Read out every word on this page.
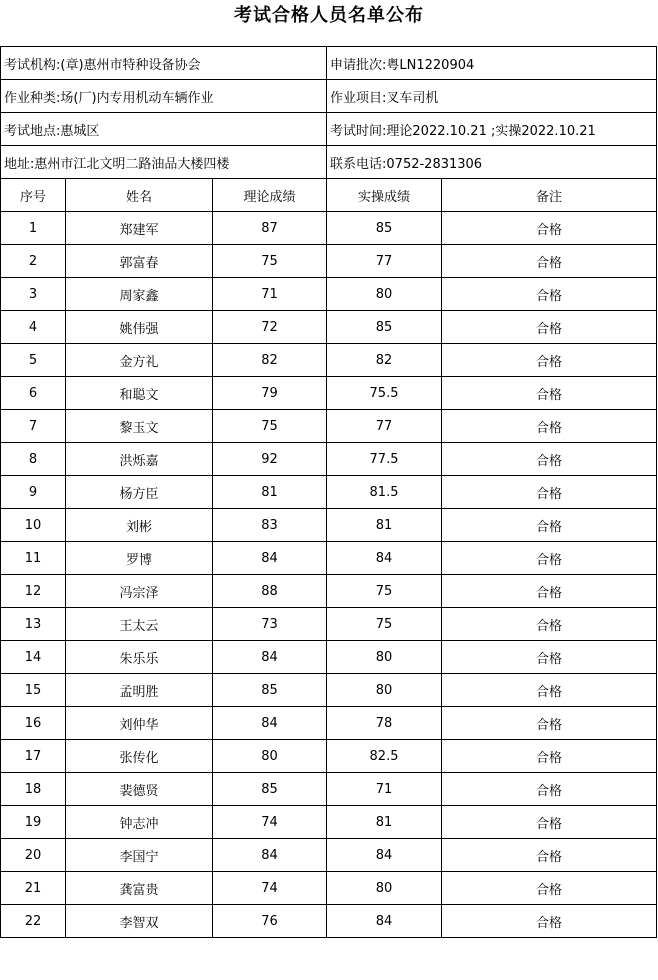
考试合格人员名单公布
考试机构:(章)惠州市特种设备协会			申请批次:粤LN1220904	
作业种类:场(厂)内专用机动车辆作业			作业项目:叉车司机	
考试地点:惠城区			考试时间:理论2022.10.21 ;实操2022.10.21	
地址:惠州市江北文明二路油品大楼四楼			联系电话:0752-2831306	
序号	姓名	理论成绩	实操成绩	备注
1	郑建军	87	85	合格
2	郭富春	75	77	合格
3	周家鑫	71	80	合格
4	姚伟强	72	85	合格
5	金方礼	82	82	合格
6	和聪文	79	75.5	合格
7	黎玉文	75	77	合格
8	洪烁嘉	92	77.5	合格
9	杨方臣	81	81.5	合格
10	刘彬	83	81	合格
11	罗博	84	84	合格
12	冯宗泽	88	75	合格
13	王太云	73	75	合格
14	朱乐乐	84	80	合格
15	孟明胜	85	80	合格
16	刘仲华	84	78	合格
17	张传化	80	82.5	合格
18	裴德贤	85	71	合格
19	钟志冲	74	81	合格
20	李国宁	84	84	合格
21	龚富贵	74	80	合格
22	李智双	76	84	合格
